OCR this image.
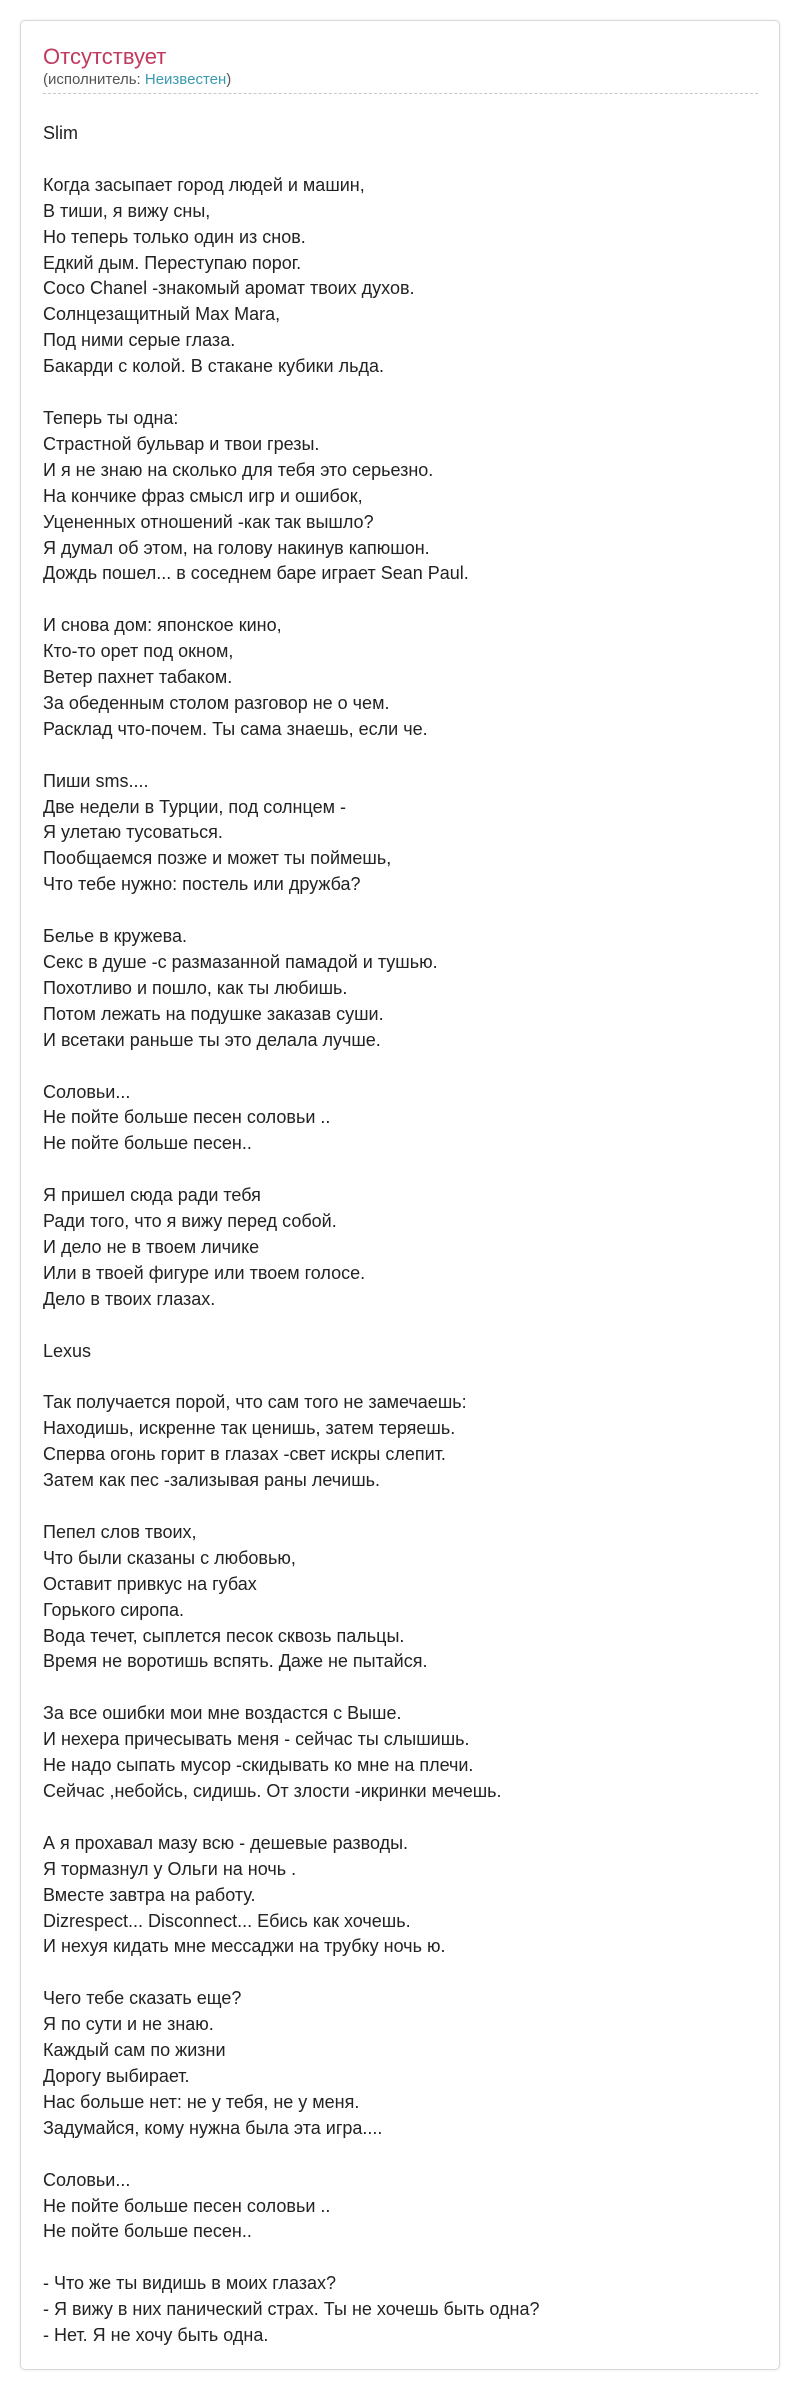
Отсутствует
(исполнитель: Неизвестен)
Slim

Когда засыпает город людей и машин,
В тиши, я вижу сны,
Но теперь только один из снов.
Едкий дым. Переступаю порог.
Coco Chanel -знакомый аромат твоих духов.
Солнцезащитный Max Mara,
Под ними серые глаза.
Бакарди с колой. В стакане кубики льда.

Теперь ты одна:
Страстной бульвар и твои грезы.
И я не знаю на сколько для тебя это серьезно.
На кончике фраз смысл игр и ошибок,
Уцененных отношений -как так вышло?
Я думал об этом, на голову накинув капюшон.
Дождь пошел... в соседнем баре играет Sean Paul.

И снова дом: японское кино,
Кто-то орет под окном,
Ветер пахнет табаком.
За обеденным столом разговор не о чем.
Расклад что-почем. Ты сама знаешь, если че.

Пиши sms....
Две недели в Турции, под солнцем -
Я улетаю тусоваться.
Пообщаемся позже и может ты поймешь,
Что тебе нужно: постель или дружба?

Белье в кружева.
Секс в душе -с размазанной памадой и тушью.
Похотливо и пошло, как ты любишь.
Потом лежать на подушке заказав суши.
И всетаки раньше ты это делала лучше.

Соловьи...
Не пойте больше песен соловьи ..
Не пойте больше песен..

Я пришел сюда ради тебя
Ради того, что я вижу перед собой.
И дело не в твоем личике
Или в твоей фигуре или твоем голосе.
Дело в твоих глазах.

Lexus

Так получается порой, что сам того не замечаешь:
Находишь, искренне так ценишь, затем теряешь.
Сперва огонь горит в глазах -свет искры слепит.
Затем как пес -зализывая раны лечишь.

Пепел слов твоих,
Что были сказаны с любовью,
Оставит привкус на губах
Горького сиропа.
Вода течет, сыплется песок сквозь пальцы.
Время не воротишь вспять. Даже не пытайся.

За все ошибки мои мне воздастся с Выше.
И нехера причесывать меня - сейчас ты слышишь.
Не надо сыпать мусор -скидывать ко мне на плечи.
Сейчас ,небойсь, сидишь. От злости -икринки мечешь.

А я прохавал мазу всю - дешевые разводы.
Я тормазнул у Ольги на ночь .
Вместе завтра на работу.
Dizrespect... Disconnect... Ебись как хочешь.
И нехуя кидать мне мессаджи на трубку ночь ю.

Чего тебе сказать еще?
Я по сути и не знаю.
Каждый сам по жизни
Дорогу выбирает.
Нас больше нет: не у тебя, не у меня.
Задумайся, кому нужна была эта игра....

Соловьи...
Не пойте больше песен соловьи ..
Не пойте больше песен..

- Что же ты видишь в моих глазах?
- Я вижу в них панический страх. Ты не хочешь быть одна?
- Нет. Я не хочу быть одна.
